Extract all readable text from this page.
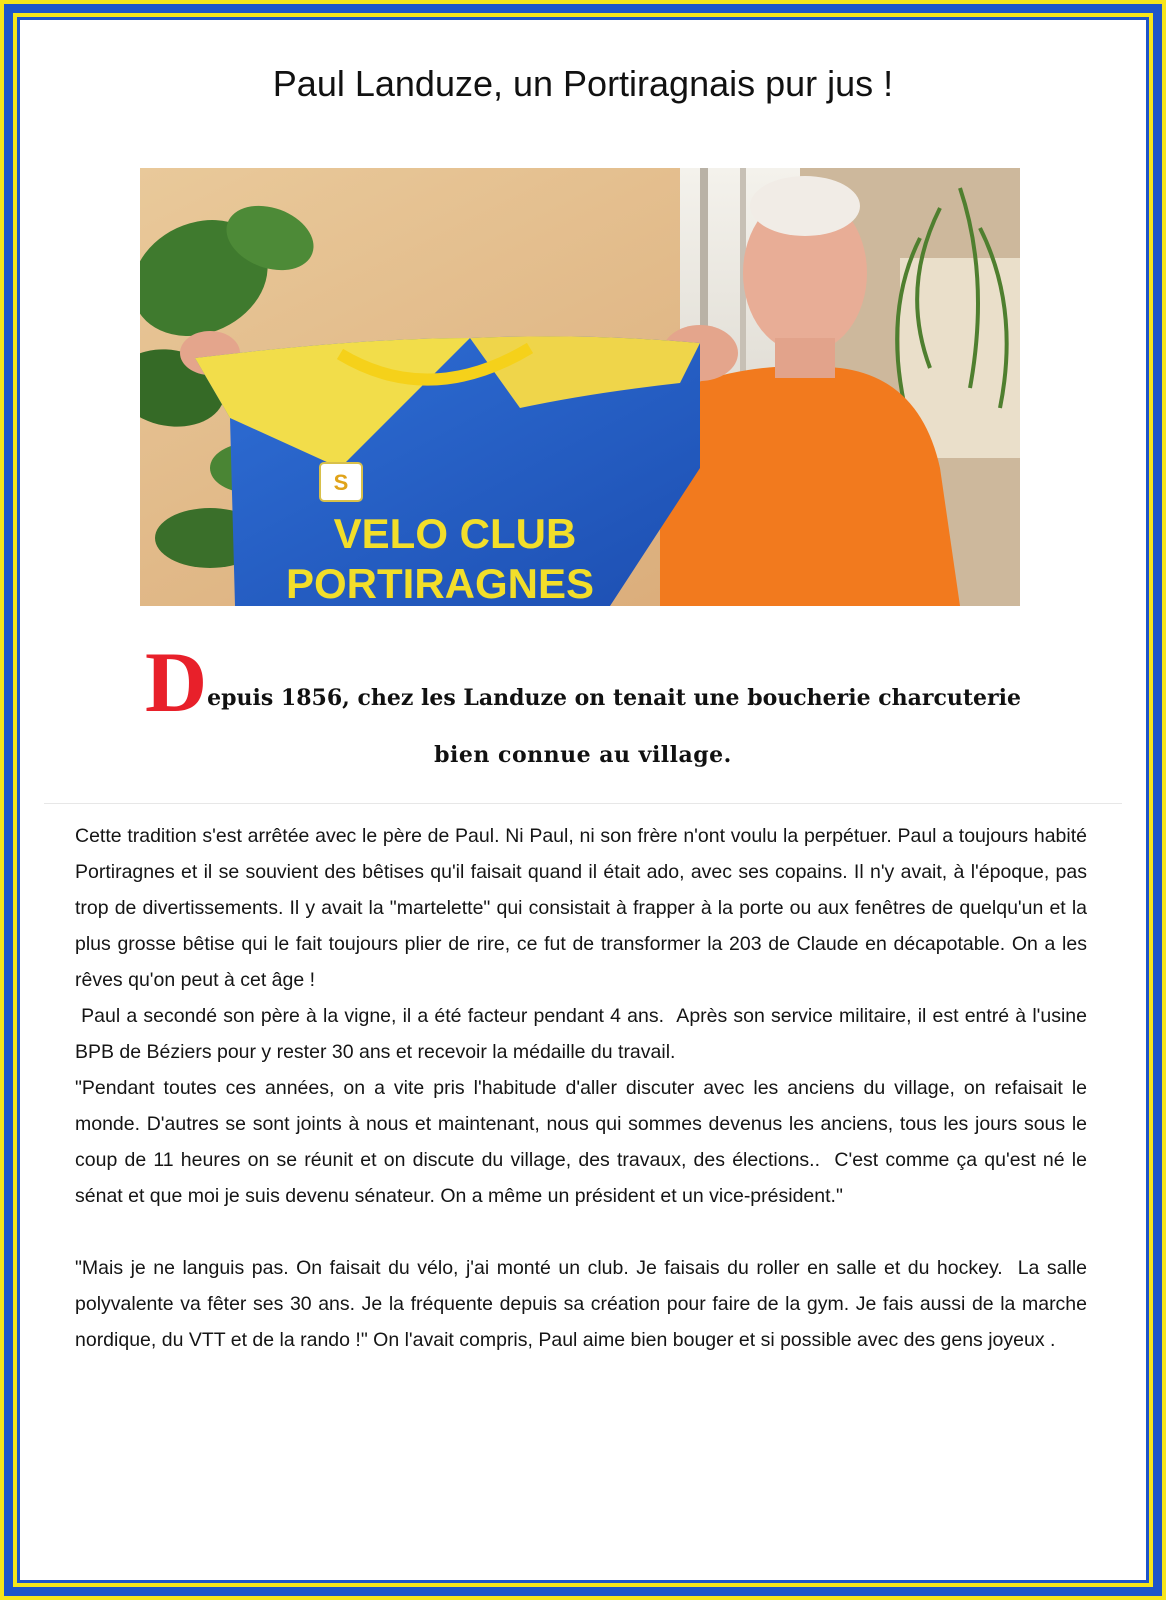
Paul Landuze, un Portiragnais pur jus !
S
VELO CLUB
PORTIRAGNES
Depuis 1856, chez les Landuze on tenait une boucherie charcuterie
bien connue au village.

Cette tradition s'est arrêtée avec le père de Paul. Ni Paul, ni son frère n'ont voulu la perpétuer. Paul a toujours habité Portiragnes et il se souvient des bêtises qu'il faisait quand il était ado, avec ses copains. Il n'y avait, à l'époque, pas trop de divertissements. Il y avait la "martelette" qui consistait à frapper à la porte ou aux fenêtres de quelqu'un et la plus grosse bêtise qui le fait toujours plier de rire, ce fut de transformer la 203 de Claude en décapotable. On a les rêves qu'on peut à cet âge !

Paul a secondé son père à la vigne, il a été facteur pendant 4 ans.  Après son service militaire, il est entré à l'usine BPB de Béziers pour y rester 30 ans et recevoir la médaille du travail.

"Pendant toutes ces années, on a vite pris l'habitude d'aller discuter avec les anciens du village, on refaisait le monde. D'autres se sont joints à nous et maintenant, nous qui sommes devenus les anciens, tous les jours sous le coup de 11 heures on se réunit et on discute du village, des travaux, des élections..  C'est comme ça qu'est né le sénat et que moi je suis devenu sénateur. On a même un président et un vice-président."

"Mais je ne languis pas. On faisait du vélo, j'ai monté un club. Je faisais du roller en salle et du hockey.  La salle polyvalente va fêter ses 30 ans. Je la fréquente depuis sa création pour faire de la gym. Je fais aussi de la marche nordique, du VTT et de la rando !" On l'avait compris, Paul aime bien bouger et si possible avec des gens joyeux .
